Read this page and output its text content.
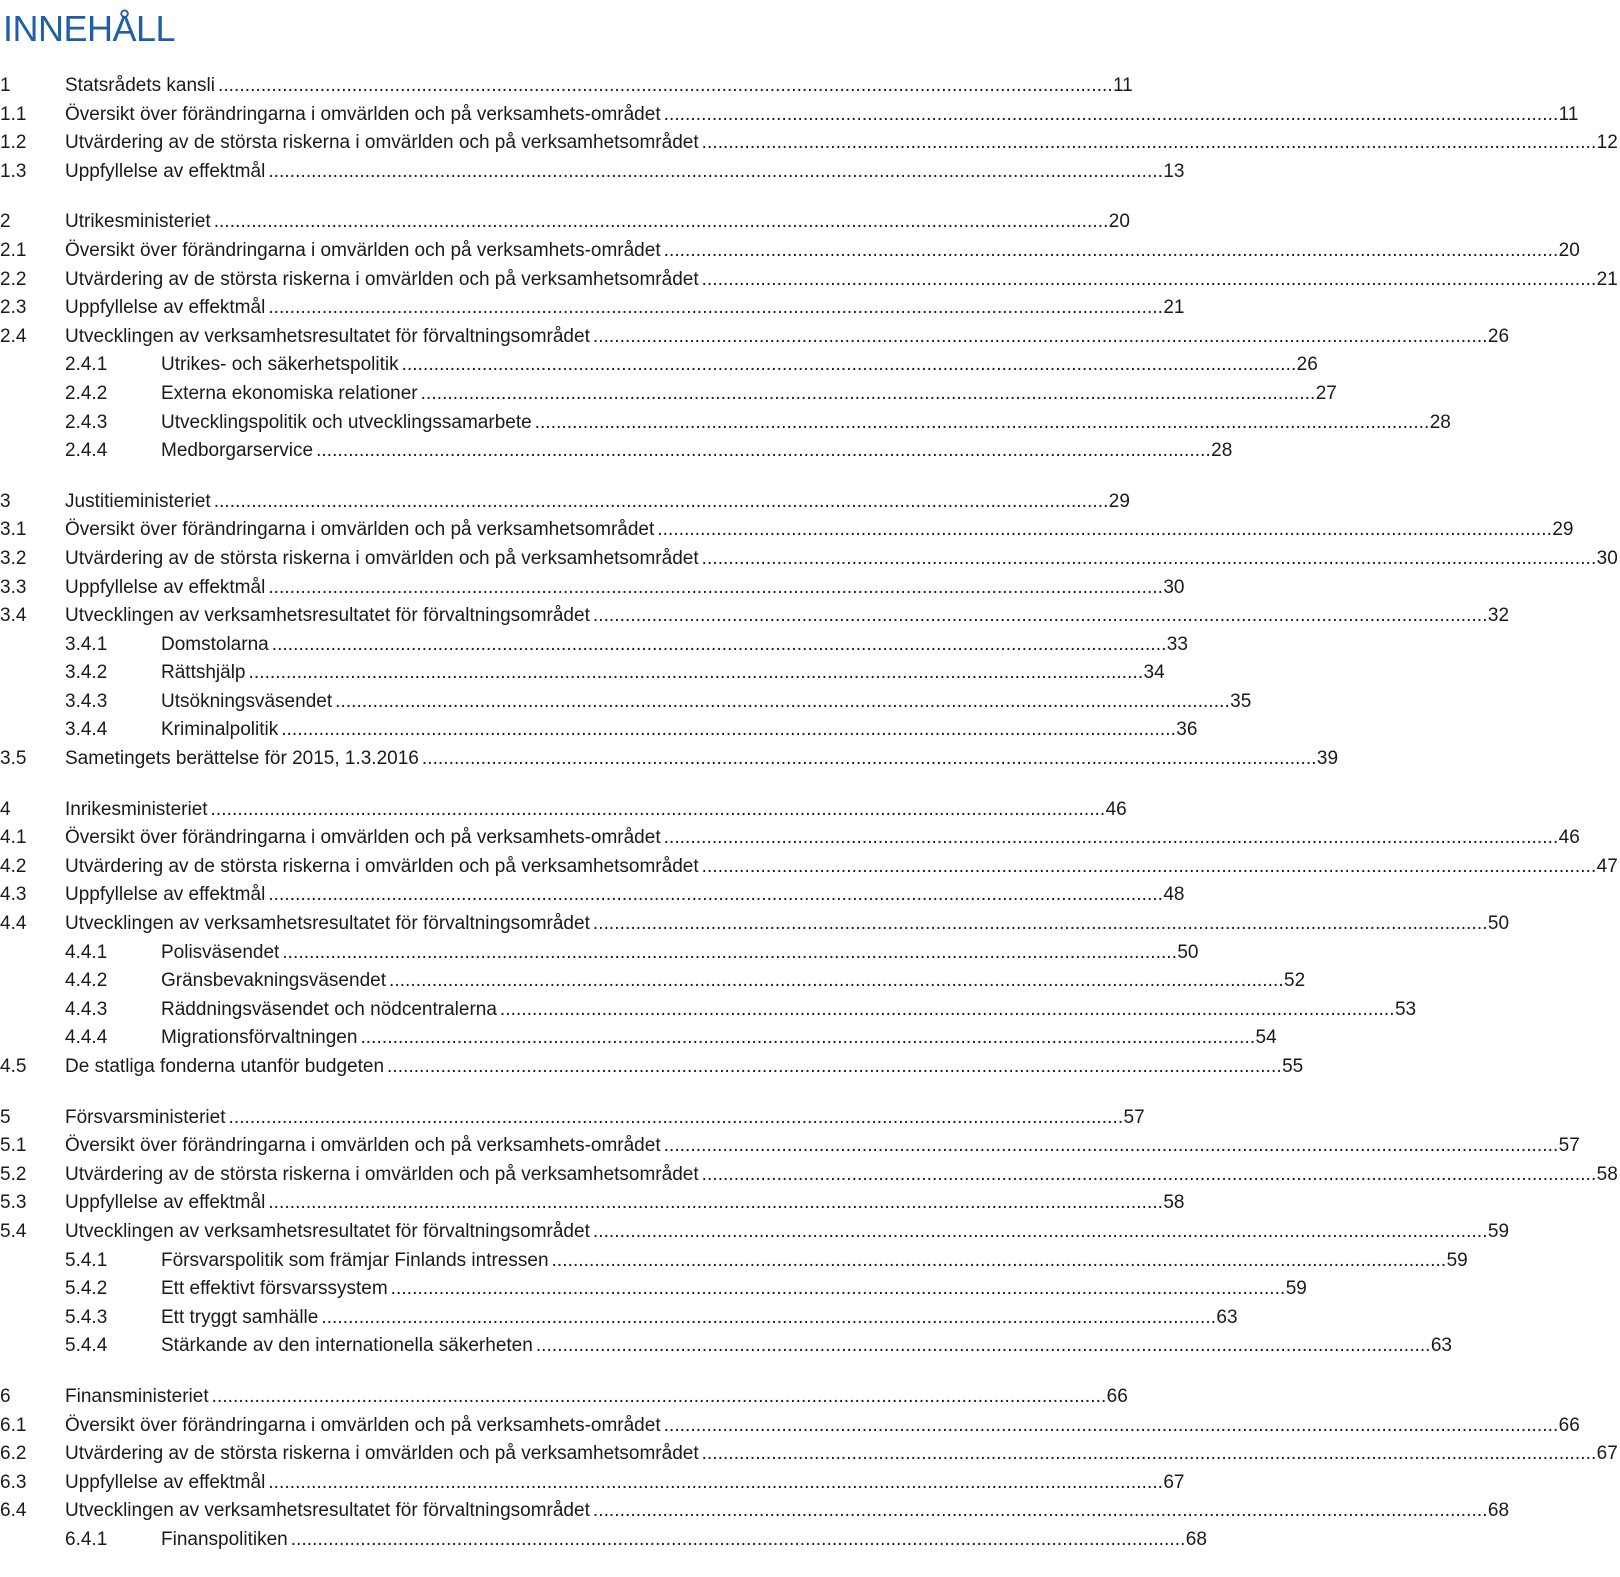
INNEHÅLL
1	Statsrådets kansli . . .	11
1.1	Översikt över förändringarna i omvärlden och på verksamhets-området . . .	11
1.2	Utvärdering av de största riskerna i omvärlden och på verksamhetsområdet . . .	12
1.3	Uppfyllelse av effektmål . . .	13
2	Utrikesministeriet . . .	20
2.1	Översikt över förändringarna i omvärlden och på verksamhets-området . . .	20
2.2	Utvärdering av de största riskerna i omvärlden och på verksamhetsområdet . . .	21
2.3	Uppfyllelse av effektmål . . .	21
2.4	Utvecklingen av verksamhetsresultatet för förvaltningsområdet . . .	26
2.4.1	Utrikes- och säkerhetspolitik . . .	26
2.4.2	Externa ekonomiska relationer . . .	27
2.4.3	Utvecklingspolitik och utvecklingssamarbete . . .	28
2.4.4	Medborgarservice . . .	28
3	Justitieministeriet . . .	29
3.1	Översikt över förändringarna i omvärlden och på verksamhetsområdet . . .	29
3.2	Utvärdering av de största riskerna i omvärlden och på verksamhetsområdet . . .	30
3.3	Uppfyllelse av effektmål . . .	30
3.4	Utvecklingen av verksamhetsresultatet för förvaltningsområdet . . .	32
3.4.1	Domstolarna . . .	33
3.4.2	Rättshjälp . . .	34
3.4.3	Utsökningsväsendet . . .	35
3.4.4	Kriminalpolitik . . .	36
3.5	Sametingets berättelse för 2015, 1.3.2016 . . .	39
4	Inrikesministeriet . . .	46
4.1	Översikt över förändringarna i omvärlden och på verksamhets-området . . .	46
4.2	Utvärdering av de största riskerna i omvärlden och på verksamhetsområdet . . .	47
4.3	Uppfyllelse av effektmål . . .	48
4.4	Utvecklingen av verksamhetsresultatet för förvaltningsområdet . . .	50
4.4.1	Polisväsendet . . .	50
4.4.2	Gränsbevakningsväsendet . . .	52
4.4.3	Räddningsväsendet och nödcentralerna . . .	53
4.4.4	Migrationsförvaltningen . . .	54
4.5	De statliga fonderna utanför budgeten . . .	55
5	Försvarsministeriet . . .	57
5.1	Översikt över förändringarna i omvärlden och på verksamhets-området . . .	57
5.2	Utvärdering av de största riskerna i omvärlden och på verksamhetsområdet . . .	58
5.3	Uppfyllelse av effektmål . . .	58
5.4	Utvecklingen av verksamhetsresultatet för förvaltningsområdet . . .	59
5.4.1	Försvarspolitik som främjar Finlands intressen . . .	59
5.4.2	Ett effektivt försvarssystem . . .	59
5.4.3	Ett tryggt samhälle . . .	63
5.4.4	Stärkande av den internationella säkerheten . . .	63
6	Finansministeriet . . .	66
6.1	Översikt över förändringarna i omvärlden och på verksamhets-området . . .	66
6.2	Utvärdering av de största riskerna i omvärlden och på verksamhetsområdet . . .	67
6.3	Uppfyllelse av effektmål . . .	67
6.4	Utvecklingen av verksamhetsresultatet för förvaltningsområdet . . .	68
6.4.1	Finanspolitiken . . .	68
